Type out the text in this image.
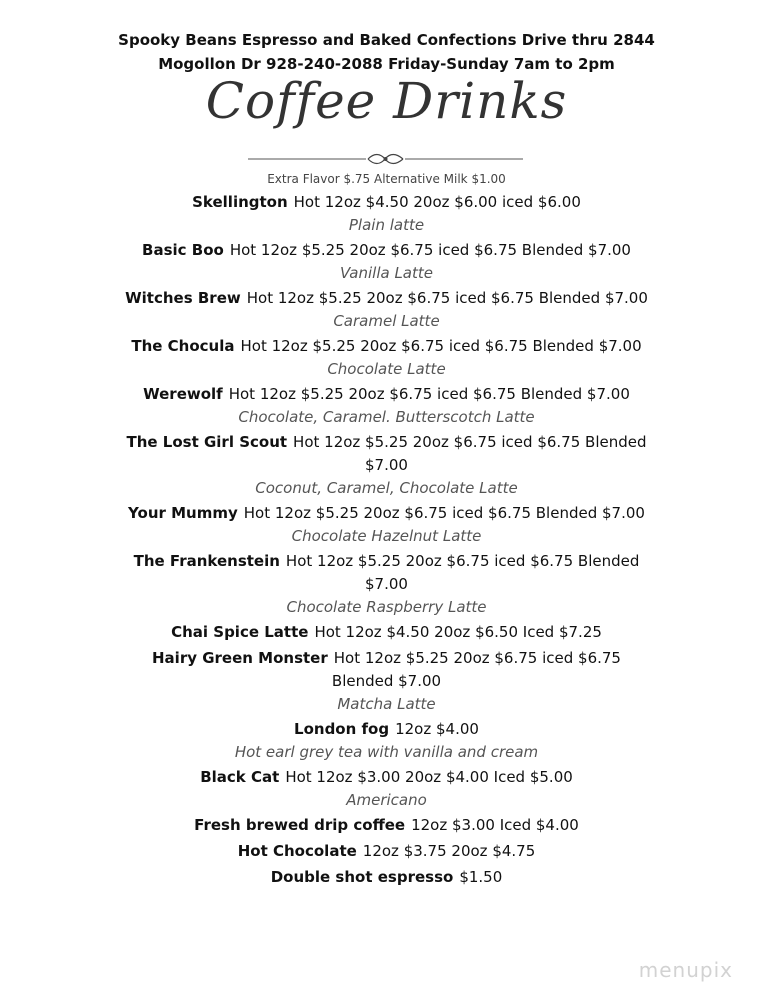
Spooky Beans Espresso and Baked Confections Drive thru 2844
Mogollon Dr 928-240-2088 Friday-Sunday 7am to 2pm
Coffee Drinks
Extra Flavor $.75 Alternative Milk $1.00
Skellington Hot 12oz $4.50 20oz $6.00 iced $6.00
Plain latte
Basic Boo Hot 12oz $5.25 20oz $6.75 iced $6.75 Blended $7.00
Vanilla Latte
Witches Brew Hot 12oz $5.25 20oz $6.75 iced $6.75 Blended $7.00
Caramel Latte
The Chocula Hot 12oz $5.25 20oz $6.75 iced $6.75 Blended $7.00
Chocolate Latte
Werewolf Hot 12oz $5.25 20oz $6.75 iced $6.75 Blended $7.00
Chocolate, Caramel. Butterscotch Latte
The Lost Girl Scout Hot 12oz $5.25 20oz $6.75 iced $6.75 Blended $7.00
Coconut, Caramel, Chocolate Latte
Your Mummy Hot 12oz $5.25 20oz $6.75 iced $6.75 Blended $7.00
Chocolate Hazelnut Latte
The Frankenstein Hot 12oz $5.25 20oz $6.75 iced $6.75 Blended $7.00
Chocolate Raspberry Latte
Chai Spice Latte Hot 12oz $4.50 20oz $6.50 Iced $7.25
Hairy Green Monster Hot 12oz $5.25 20oz $6.75 iced $6.75 Blended $7.00
Matcha Latte
London fog 12oz $4.00
Hot earl grey tea with vanilla and cream
Black Cat Hot 12oz $3.00 20oz $4.00 Iced $5.00
Americano
Fresh brewed drip coffee 12oz $3.00 Iced $4.00
Hot Chocolate 12oz $3.75 20oz $4.75
Double shot espresso $1.50
menupix
